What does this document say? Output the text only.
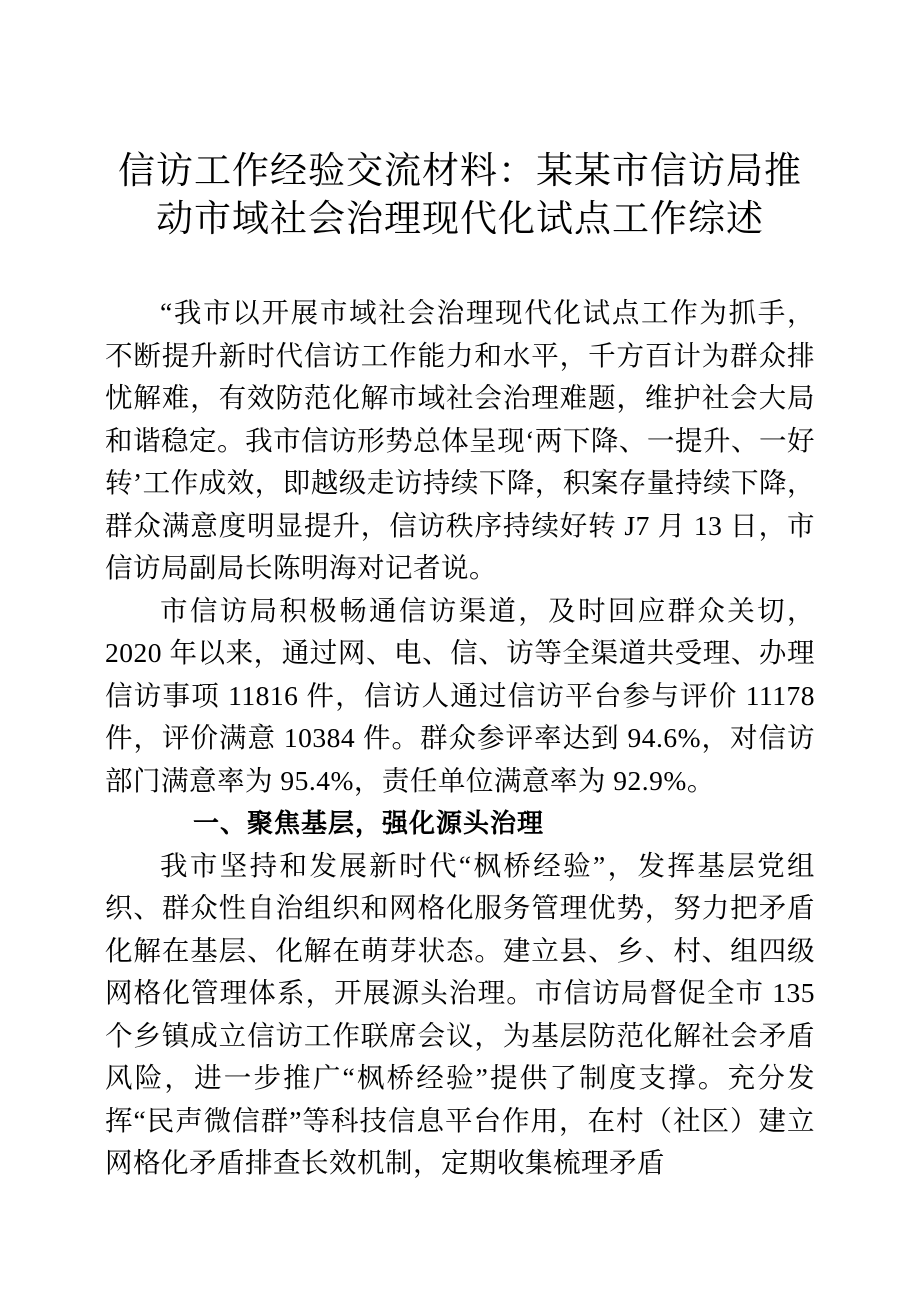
信访工作经验交流材料：某某市信访局推
动市域社会治理现代化试点工作综述

“我市以开展市域社会治理现代化试点工作为抓手，不断提升新时代信访工作能力和水平，千方百计为群众排忧解难，有效防范化解市域社会治理难题，维护社会大局和谐稳定。我市信访形势总体呈现‘两下降、一提升、一好转’工作成效，即越级走访持续下降，积案存量持续下降，群众满意度明显提升，信访秩序持续好转 J7 月 13 日，市信访局副局长陈明海对记者说。

市信访局积极畅通信访渠道，及时回应群众关切，2020 年以来，通过网、电、信、访等全渠道共受理、办理信访事项 11816 件，信访人通过信访平台参与评价 11178 件，评价满意 10384 件。群众参评率达到 94.6%，对信访部门满意率为 95.4%，责任单位满意率为 92.9%。

一、聚焦基层，强化源头治理

我市坚持和发展新时代“枫桥经验”，发挥基层党组织、群众性自治组织和网格化服务管理优势，努力把矛盾化解在基层、化解在萌芽状态。建立县、乡、村、组四级网格化管理体系，开展源头治理。市信访局督促全市 135 个乡镇成立信访工作联席会议，为基层防范化解社会矛盾风险，进一步推广“枫桥经验”提供了制度支撑。充分发挥“民声微信群”等科技信息平台作用，在村（社区）建立网格化矛盾排查长效机制，定期收集梳理矛盾
